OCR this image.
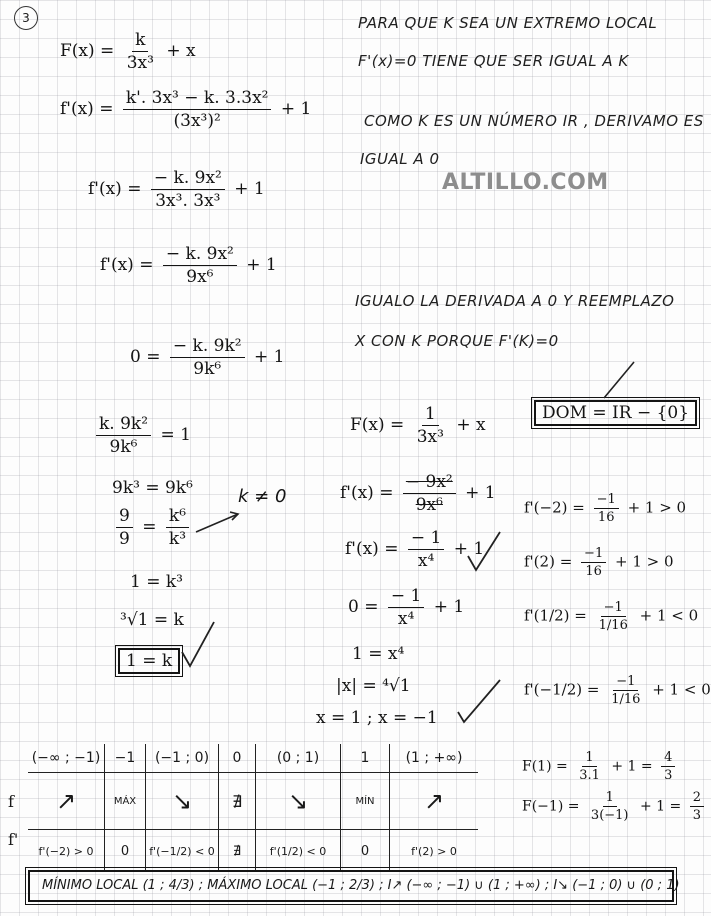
3	PARA QUE K SEA UN EXTREMO LOCAL
F'(x)=0 TIENE QUE SER IGUAL A K
COMO K ES UN NÚMERO IR , DERIVAMO ES
IGUAL A 0
ALTILLO.COM
IGUALO LA DERIVADA A 0 Y REEMPLAZO
X CON K PORQUE F'(K)=0
$F(x) = \frac{k}{\text{3x³}} + x$
$f'(x) = \frac{\text{k'. 3x³ − k. 3.3x²}}{\text{(3x³)²}} + 1$
$f'(x) = \frac{\text{− k. 9x²}}{\text{3x³. 3x³}} + 1$
$f'(x) = \frac{\text{− k. 9x²}}{\text{9x⁶}} + 1$
$0 = \frac{\text{− k. 9k²}}{\text{9k⁶}} + 1$
$\frac{\text{k. 9k²}}{\text{9k⁶}} = 1$
9k³ = 9k⁶
$\frac{9}{9} = \frac{\text{k⁶}}{\text{k³}}$
k ≠ 0
1 = k³
³√1 = k
1 = k
$F(x) = \frac{1}{\text{3x³}} + x$
DOM = IR − {0}
$f'(x) = \frac{\text{− 9x²}}{\text{9x⁶}} + 1$
$f'(x) = \frac{- 1}{\text{x⁴}} + 1$
$0 = \frac{- 1}{\text{x⁴}} + 1$
1 = x⁴
|x| = ⁴√1
x = 1 ; x = −1
$f'(-2) = \frac{-1}{16} + 1 > 0$
$f'(2) = \frac{-1}{16} + 1 > 0$
$f'(1/2) = \frac{-1}{1/16} + 1 < 0$
$f'(-1/2) = \frac{-1}{1/16} + 1 < 0$
$F(1) = \frac{1}{3.1} + 1 = \frac{4}{3}$
$F(-1) = \frac{1}{3(-1)} + 1 = \frac{2}{3}$
f
f'
(−∞ ; −1)	−1	(−1 ; 0)	0	(0 ; 1)	1	(1 ; +∞)
↗	MÁX	↘	∄	↘	MÍN	↗
f'(−2) > 0	0	f'(−1/2) < 0	∄	f'(1/2) < 0	0	f'(2) > 0
MÍNIMO LOCAL (1 ; 4/3) ; MÁXIMO LOCAL (−1 ; 2/3) ; I↗ (−∞ ; −1) ∪ (1 ; +∞) ; I↘ (−1 ; 0) ∪ (0 ; 1)
